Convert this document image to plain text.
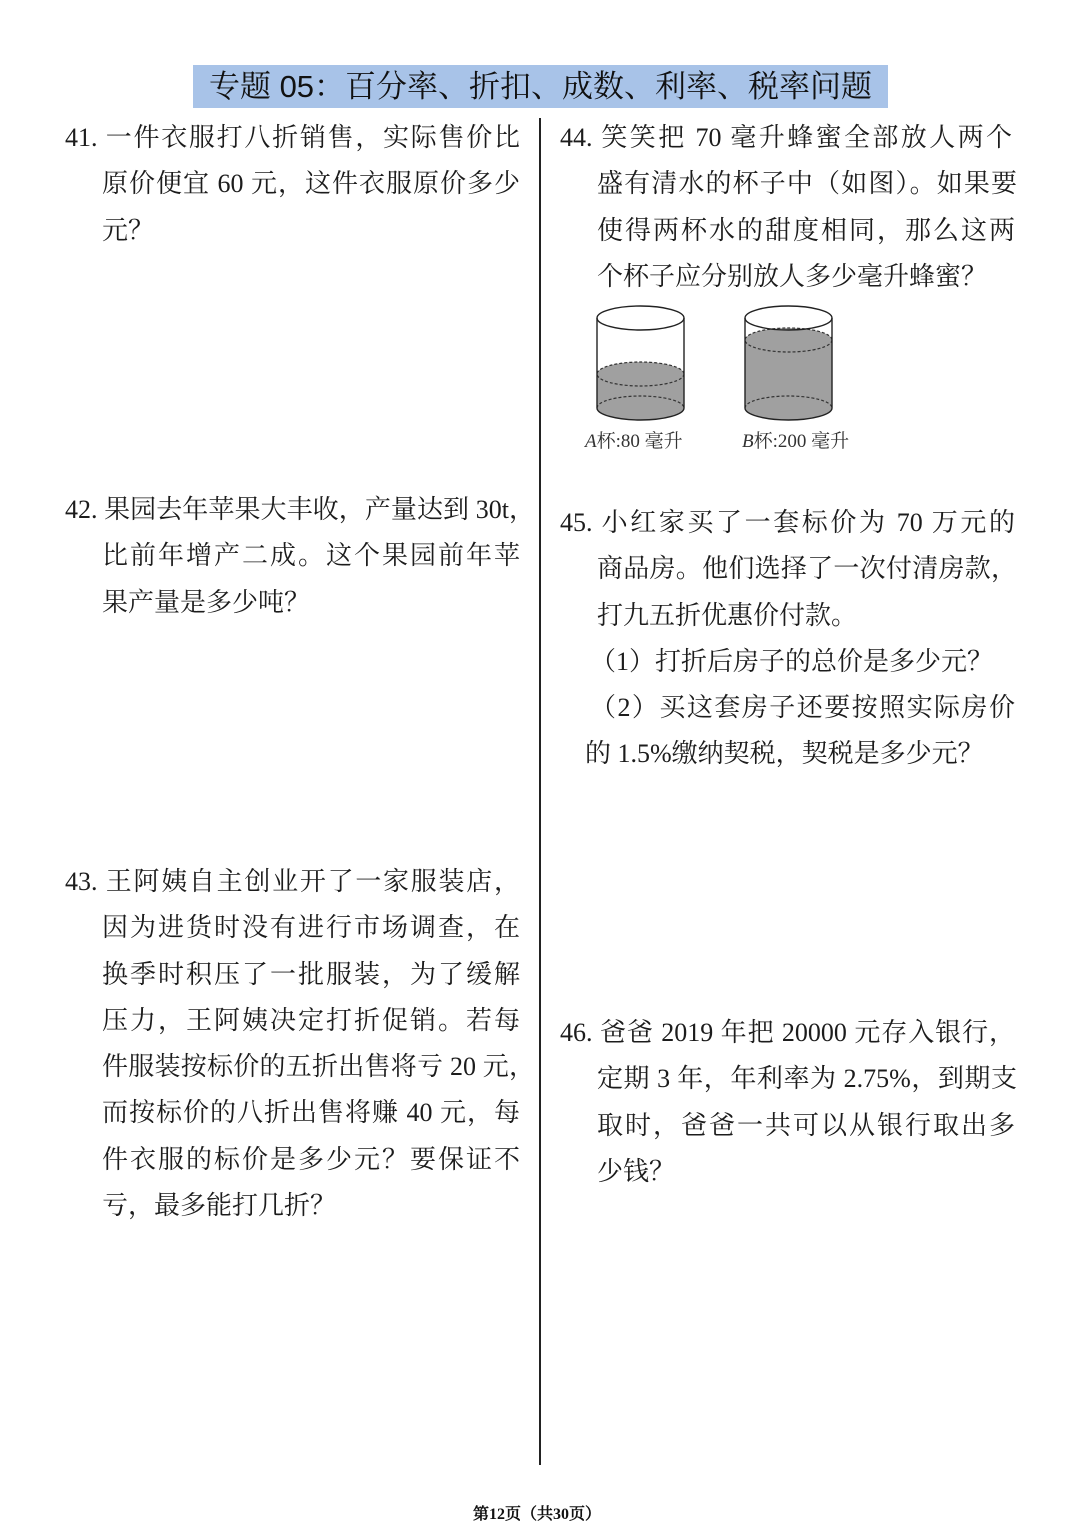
专题 05：百分率、折扣、成数、利率、税率问题
41. 一件衣服打八折销售，实际售价比
原价便宜 60 元，这件衣服原价多少
元？
42. 果园去年苹果大丰收，产量达到 30t，
比前年增产二成。这个果园前年苹
果产量是多少吨？
43. 王阿姨自主创业开了一家服装店，
因为进货时没有进行市场调查，在
换季时积压了一批服装，为了缓解
压力，王阿姨决定打折促销。若每
件服装按标价的五折出售将亏 20 元，
而按标价的八折出售将赚 40 元，每
件衣服的标价是多少元？要保证不
亏，最多能打几折？
44. 笑笑把 70 毫升蜂蜜全部放人两个
盛有清水的杯子中（如图）。如果要
使得两杯水的甜度相同，那么这两
个杯子应分别放人多少毫升蜂蜜？
A杯:80 毫升	B杯:200 毫升
45. 小红家买了一套标价为 70 万元的
商品房。他们选择了一次付清房款，
打九五折优惠价付款。
（1）打折后房子的总价是多少元？
（2）买这套房子还要按照实际房价
的 1.5%缴纳契税，契税是多少元？
46. 爸爸 2019 年把 20000 元存入银行，
定期 3 年，年利率为 2.75%，到期支
取时，爸爸一共可以从银行取出多
少钱？
第12页（共30页）
